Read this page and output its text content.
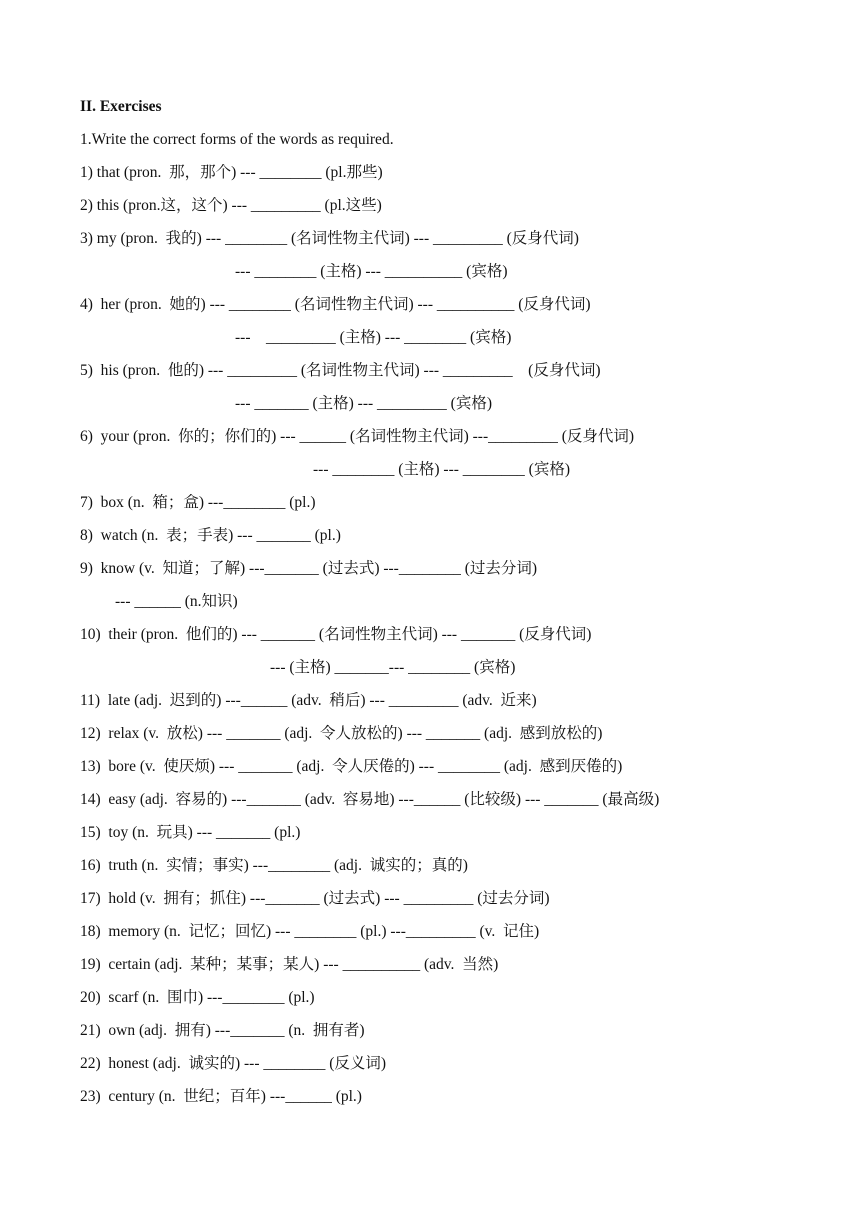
II. Exercises
1.Write the correct forms of the words as required.
1) that (pron.  那，那个) --- ________ (pl.那些)
2) this (pron.这，这个) --- _________ (pl.这些)
3) my (pron.  我的) --- ________ (名词性物主代词) --- _________ (反身代词)
--- ________ (主格) --- __________ (宾格)
4)  her (pron.  她的) --- ________ (名词性物主代词) --- __________ (反身代词)
---    _________ (主格) --- ________ (宾格)
5)  his (pron.  他的) --- _________ (名词性物主代词) --- _________    (反身代词)
--- _______ (主格) --- _________ (宾格)
6)  your (pron.  你的；你们的) --- ______ (名词性物主代词) ---_________ (反身代词)
--- ________ (主格) --- ________ (宾格)
7)  box (n.  箱；盒) ---________ (pl.)
8)  watch (n.  表；手表) --- _______ (pl.)
9)  know (v.  知道；了解) ---_______ (过去式) ---________ (过去分词)
--- ______ (n.知识)
10)  their (pron.  他们的) --- _______ (名词性物主代词) --- _______ (反身代词)
--- (主格) _______--- ________ (宾格)
11)  late (adj.  迟到的) ---______ (adv.  稍后) --- _________ (adv.  近来)
12)  relax (v.  放松) --- _______ (adj.  令人放松的) --- _______ (adj.  感到放松的)
13)  bore (v.  使厌烦) --- _______ (adj.  令人厌倦的) --- ________ (adj.  感到厌倦的)
14)  easy (adj.  容易的) ---_______ (adv.  容易地) ---______ (比较级) --- _______ (最高级)
15)  toy (n.  玩具) --- _______ (pl.)
16)  truth (n.  实情；事实) ---________ (adj.  诚实的；真的)
17)  hold (v.  拥有；抓住) ---_______ (过去式) --- _________ (过去分词)
18)  memory (n.  记忆；回忆) --- ________ (pl.) ---_________ (v.  记住)
19)  certain (adj.  某种；某事；某人) --- __________ (adv.  当然)
20)  scarf (n.  围巾) ---________ (pl.)
21)  own (adj.  拥有) ---_______ (n.  拥有者)
22)  honest (adj.  诚实的) --- ________ (反义词)
23)  century (n.  世纪；百年) ---______ (pl.)
